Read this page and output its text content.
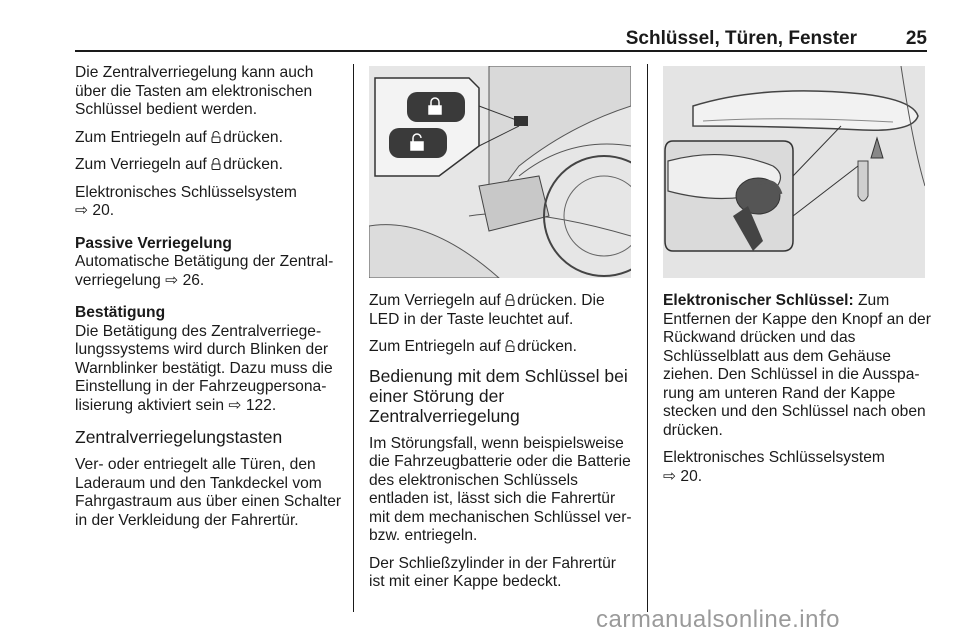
Schlüssel, Türen, Fenster	25

Die Zentralverriegelung kann auch über die Tasten am elektronischen Schlüssel bedient werden.

Zum Entriegeln auf drücken.

Zum Verriegeln auf drücken.

Elektronisches Schlüsselsystem
⇨ 20.

Passive Verriegelung

Automatische Betätigung der Zentralverriegelung ⇨ 26.

Bestätigung

Die Betätigung des Zentralverriegelungssystems wird durch Blinken der Warnblinker bestätigt. Dazu muss die Einstellung in der Fahrzeugpersonalisierung aktiviert sein ⇨ 122.

Zentralverriegelungstasten

Ver- oder entriegelt alle Türen, den Laderaum und den Tankdeckel vom Fahrgastraum aus über einen Schalter in der Verkleidung der Fahrertür.

Zum Verriegeln auf drücken. Die LED in der Taste leuchtet auf.

Zum Entriegeln auf drücken.

Bedienung mit dem Schlüssel bei einer Störung der Zentralverriegelung

Im Störungsfall, wenn beispielsweise die Fahrzeugbatterie oder die Batterie des elektronischen Schlüssels entladen ist, lässt sich die Fahrertür mit dem mechanischen Schlüssel ver- bzw. entriegeln.

Der Schließzylinder in der Fahrertür ist mit einer Kappe bedeckt.

Elektronischer Schlüssel: Zum Entfernen der Kappe den Knopf an der Rückwand drücken und das Schlüsselblatt aus dem Gehäuse ziehen. Den Schlüssel in die Aussparung am unteren Rand der Kappe stecken und den Schlüssel nach oben drücken.

Elektronisches Schlüsselsystem
⇨ 20.

carmanualsonline.info
